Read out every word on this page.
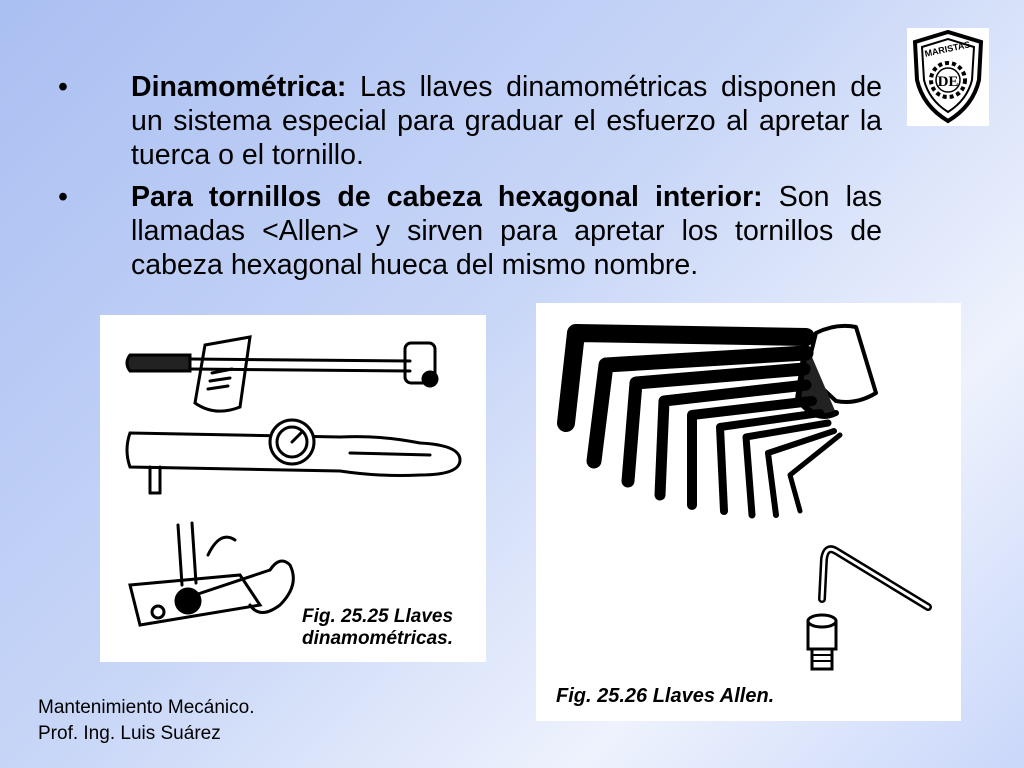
• Dinamométrica: Las llaves dinamométricas disponen de un sistema especial para graduar el esfuerzo al apretar la tuerca o el tornillo.
• Para tornillos de cabeza hexagonal interior: Son las llamadas <Allen> y sirven para apretar los tornillos de cabeza hexagonal hueca del mismo nombre.
MARISTAS
DE
Fig. 25.25 Llaves
dinamométricas.
Fig. 25.26 Llaves Allen.
Mantenimiento Mecánico.
Prof. Ing. Luis Suárez
